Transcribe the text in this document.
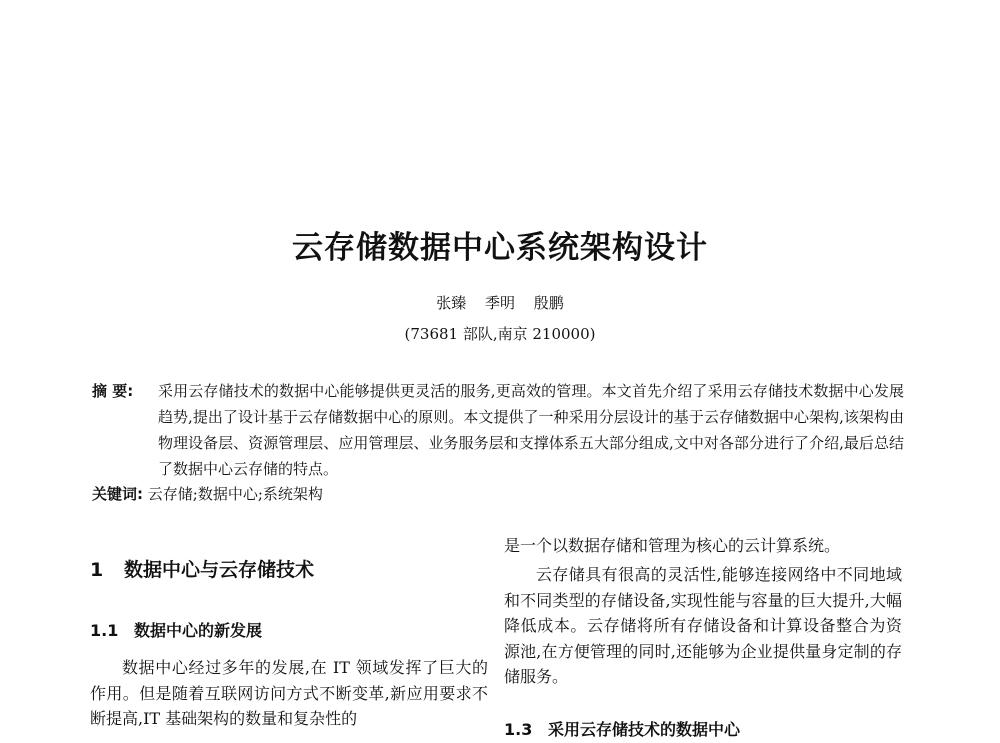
云存储数据中心系统架构设计
张臻 季明 殷鹏
(73681 部队,南京 210000)
摘 要:	采用云存储技术的数据中心能够提供更灵活的服务,更高效的管理。本文首先介绍了采用云存储技术数据中心发展趋势,提出了设计基于云存储数据中心的原则。本文提供了一种采用分层设计的基于云存储数据中心架构,该架构由物理设备层、资源管理层、应用管理层、业务服务层和支撑体系五大部分组成,文中对各部分进行了介绍,最后总结了数据中心云存储的特点。
关键词: 云存储;数据中心;系统架构
1 数据中心与云存储技术
1.1 数据中心的新发展

数据中心经过多年的发展,在 IT 领域发挥了巨大的作用。但是随着互联网访问方式不断变革,新应用要求不断提高,IT 基础架构的数量和复杂性的

是一个以数据存储和管理为核心的云计算系统。

云存储具有很高的灵活性,能够连接网络中不同地域和不同类型的存储设备,实现性能与容量的巨大提升,大幅降低成本。云存储将所有存储设备和计算设备整合为资源池,在方便管理的同时,还能够为企业提供量身定制的存储服务。

1.3 采用云存储技术的数据中心
